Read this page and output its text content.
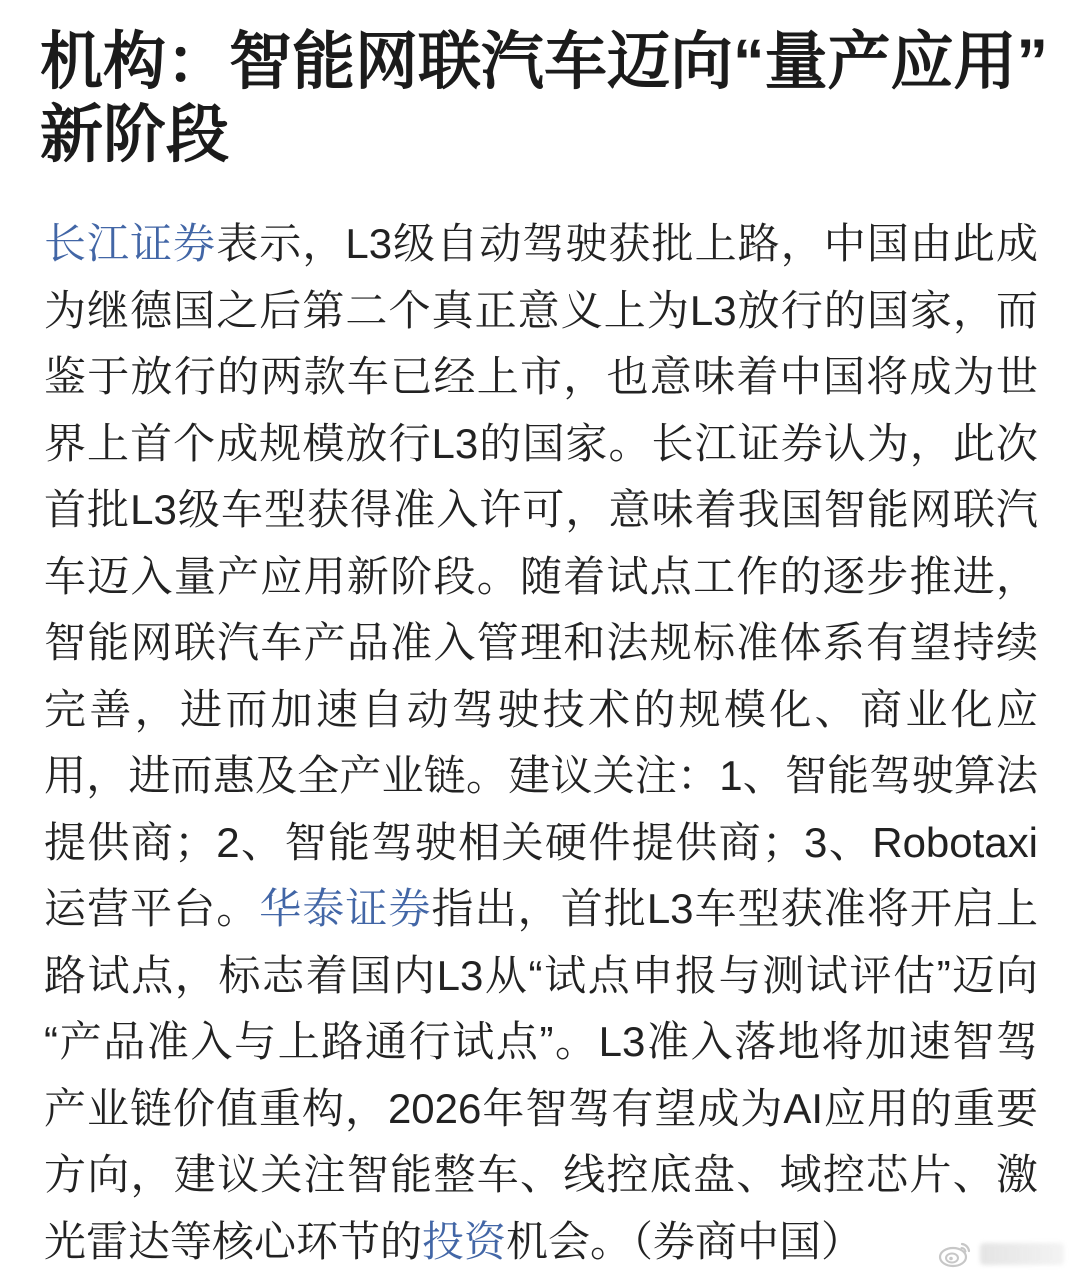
机构：智能网联汽车迈向“量产应用”新阶段

长江证券表示，L3级自动驾驶获批上路，中国由此成为继德国之后第二个真正意义上为L3放行的国家，而鉴于放行的两款车已经上市，也意味着中国将成为世界上首个成规模放行L3的国家。长江证券认为，此次首批L3级车型获得准入许可，意味着我国智能网联汽车迈入量产应用新阶段。随着试点工作的逐步推进，智能网联汽车产品准入管理和法规标准体系有望持续完善，进而加速自动驾驶技术的规模化、商业化应用，进而惠及全产业链。建议关注：1、智能驾驶算法提供商；2、智能驾驶相关硬件提供商；3、Robotaxi运营平台。华泰证券指出，首批L3车型获准将开启上路试点，标志着国内L3从“试点申报与测试评估”迈向“产品准入与上路通行试点”。L3准入落地将加速智驾产业链价值重构，2026年智驾有望成为AI应用的重要方向，建议关注智能整车、线控底盘、域控芯片、激光雷达等核心环节的投资机会。（券商中国）
